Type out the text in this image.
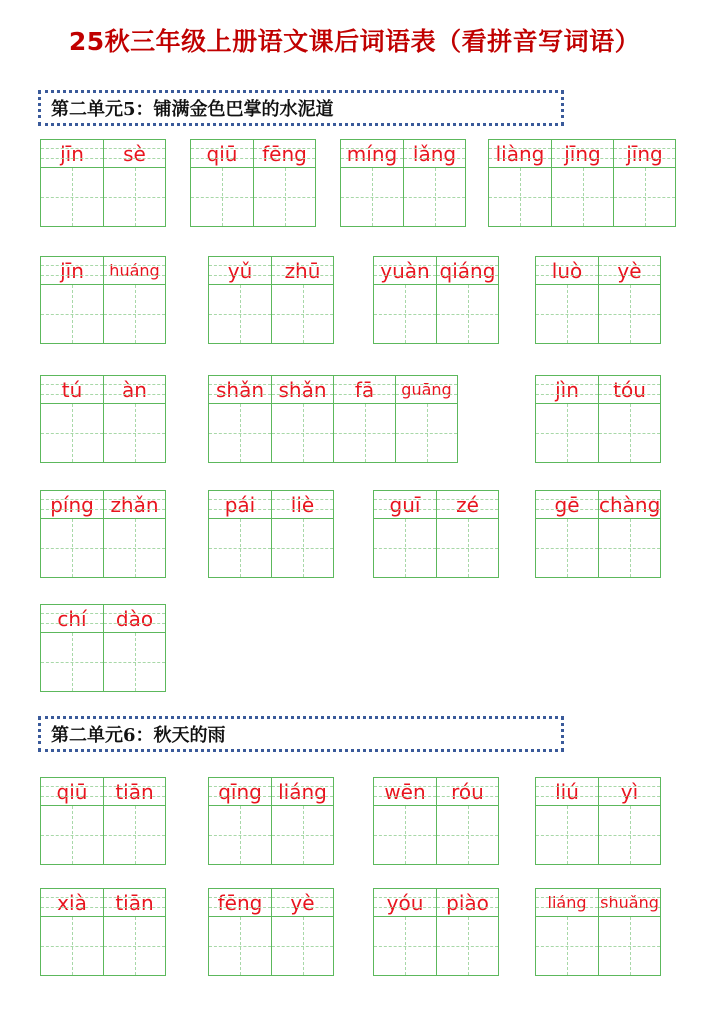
25秋三年级上册语文课后词语表（看拼音写词语）
第二单元5：铺满金色巴掌的水泥道
jīn	sè	qiū	fēng	míng lǎng	liàng jīng	jīng
jīn	huáng	yǔ	zhū	yuàn qiáng	luò	yè
tú	àn	shǎn shǎn	fā	guāng	jìn	tóu
píng zhǎn	pái	liè	guī	zé	gē chàng
chí	dào
第二单元6：秋天的雨
qiū	tiān	qīng liáng	wēn	róu	liú	yì
xià	tiān	fēng	yè	yóu	piào	liáng shuǎng
